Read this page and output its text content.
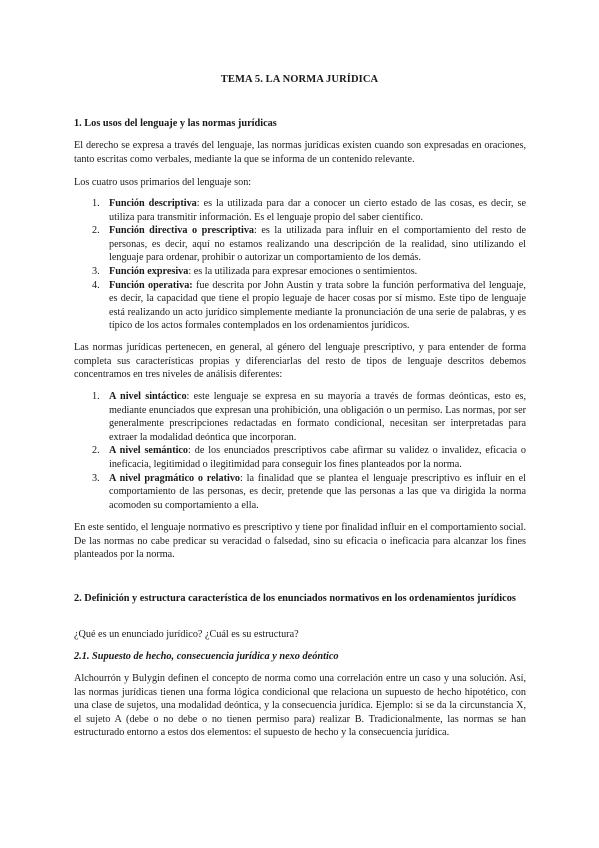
TEMA 5. LA NORMA JURÍDICA
1. Los usos del lenguaje y las normas jurídicas
El derecho se expresa a través del lenguaje, las normas jurídicas existen cuando son expresadas en oraciones, tanto escritas como verbales, mediante la que se informa de un contenido relevante.
Los cuatro usos primarios del lenguaje son:
1. Función descriptiva: es la utilizada para dar a conocer un cierto estado de las cosas, es decir, se utiliza para transmitir información. Es el lenguaje propio del saber científico.
2. Función directiva o prescriptiva: es la utilizada para influir en el comportamiento del resto de personas, es decir, aquí no estamos realizando una descripción de la realidad, sino utilizando el lenguaje para ordenar, prohibir o autorizar un comportamiento de los demás.
3. Función expresiva: es la utilizada para expresar emociones o sentimientos.
4. Función operativa: fue descrita por John Austin y trata sobre la función performativa del lenguaje, es decir, la capacidad que tiene el propio leguaje de hacer cosas por sí mismo. Este tipo de lenguaje está realizando un acto jurídico simplemente mediante la pronunciación de una serie de palabras, y es típico de los actos formales contemplados en los ordenamientos jurídicos.
Las normas jurídicas pertenecen, en general, al género del lenguaje prescriptivo, y para entender de forma completa sus características propias y diferenciarlas del resto de tipos de lenguaje descritos debemos concentramos en tres niveles de análisis diferentes:
1. A nivel sintáctico: este lenguaje se expresa en su mayoría a través de formas deónticas, esto es, mediante enunciados que expresan una prohibición, una obligación o un permiso. Las normas, por ser generalmente prescripciones redactadas en formato condicional, necesitan ser interpretadas para extraer la modalidad deóntica que incorporan.
2. A nivel semántico: de los enunciados prescriptivos cabe afirmar su validez o invalidez, eficacia o ineficacia, legitimidad o ilegitimidad para conseguir los fines planteados por la norma.
3. A nivel pragmático o relativo: la finalidad que se plantea el lenguaje prescriptivo es influir en el comportamiento de las personas, es decir, pretende que las personas a las que va dirigida la norma acomoden su comportamiento a ella.
En este sentido, el lenguaje normativo es prescriptivo y tiene por finalidad influir en el comportamiento social. De las normas no cabe predicar su veracidad o falsedad, sino su eficacia o ineficacia para alcanzar los fines planteados por la norma.
2. Definición y estructura característica de los enunciados normativos en los ordenamientos jurídicos
¿Qué es un enunciado jurídico? ¿Cuál es su estructura?
2.1. Supuesto de hecho, consecuencia jurídica y nexo deóntico
Alchourrón y Bulygin definen el concepto de norma como una correlación entre un caso y una solución. Así, las normas jurídicas tienen una forma lógica condicional que relaciona un supuesto de hecho hipotético, con una clase de sujetos, una modalidad deóntica, y la consecuencia jurídica. Ejemplo: si se da la circunstancia X, el sujeto A (debe o no debe o no tienen permiso para) realizar B. Tradicionalmente, las normas se han estructurado entorno a estos dos elementos: el supuesto de hecho y la consecuencia jurídica.
